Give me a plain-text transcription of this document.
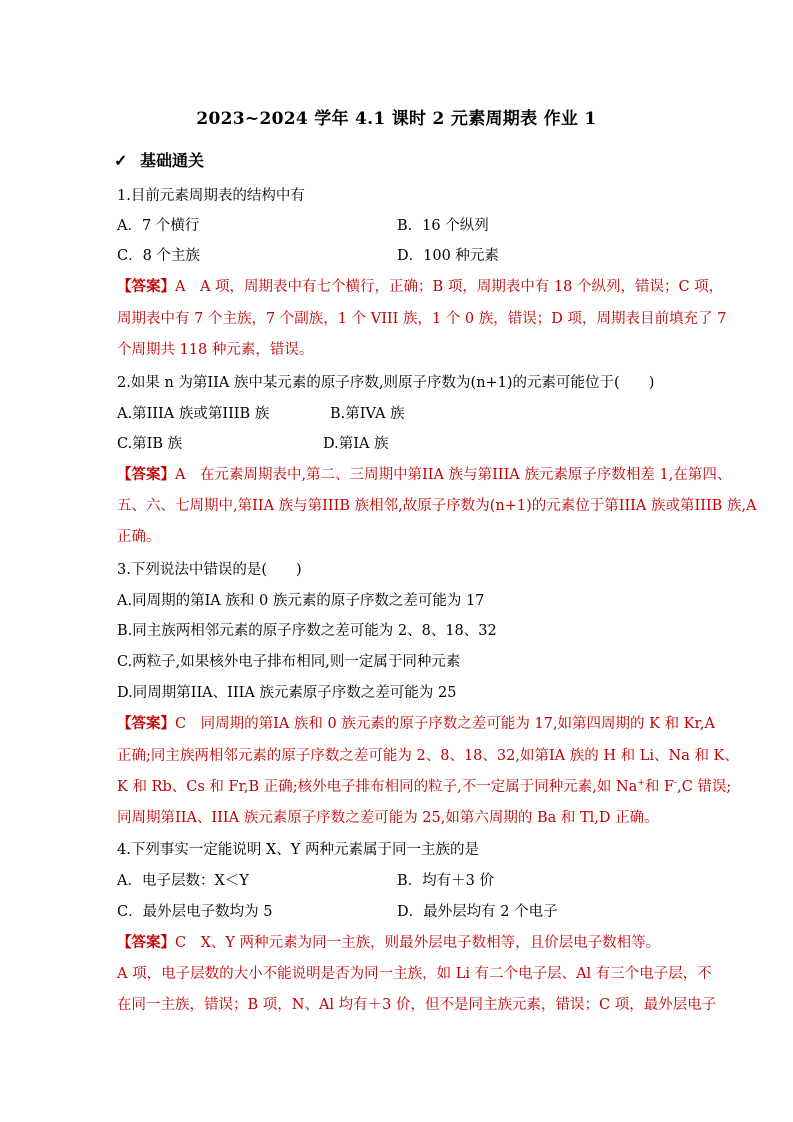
2023~2024 学年 4.1 课时 2 元素周期表 作业 1
✓ 基础通关
1.目前元素周期表的结构中有
A．7 个横行	B．16 个纵列
C．8 个主族	D．100 种元素
【答案】A　A 项，周期表中有七个横行，正确；B 项，周期表中有 18 个纵列，错误；C 项，
周期表中有 7 个主族，7 个副族，1 个 VIII 族，1 个 0 族，错误；D 项，周期表目前填充了 7
个周期共 118 种元素，错误。
2.如果 n 为第IIA 族中某元素的原子序数,则原子序数为(n+1)的元素可能位于(　　)
A.第IIIA 族或第IIIB 族	B.第IVA 族
C.第IB 族	D.第IA 族
【答案】A　在元素周期表中,第二、三周期中第IIA 族与第IIIA 族元素原子序数相差 1,在第四、
五、六、七周期中,第IIA 族与第IIIB 族相邻,故原子序数为(n+1)的元素位于第IIIA 族或第IIIB 族,A
正确。
3.下列说法中错误的是(　　)
A.同周期的第IA 族和 0 族元素的原子序数之差可能为 17
B.同主族两相邻元素的原子序数之差可能为 2、8、18、32
C.两粒子,如果核外电子排布相同,则一定属于同种元素
D.同周期第IIA、IIIA 族元素原子序数之差可能为 25
【答案】C　同周期的第IA 族和 0 族元素的原子序数之差可能为 17,如第四周期的 K 和 Kr,A
正确;同主族两相邻元素的原子序数之差可能为 2、8、18、32,如第IA 族的 H 和 Li、Na 和 K、
K 和 Rb、Cs 和 Fr,B 正确;核外电子排布相同的粒子,不一定属于同种元素,如 Na+和 F-,C 错误;
同周期第IIA、IIIA 族元素原子序数之差可能为 25,如第六周期的 Ba 和 Tl,D 正确。
4.下列事实一定能说明 X、Y 两种元素属于同一主族的是
A．电子层数：X＜Y	B．均有＋3 价
C．最外层电子数均为 5	D．最外层均有 2 个电子
【答案】C　X、Y 两种元素为同一主族，则最外层电子数相等，且价层电子数相等。
A 项，电子层数的大小不能说明是否为同一主族，如 Li 有二个电子层、Al 有三个电子层，不
在同一主族，错误；B 项，N、Al 均有＋3 价，但不是同主族元素，错误；C 项，最外层电子
